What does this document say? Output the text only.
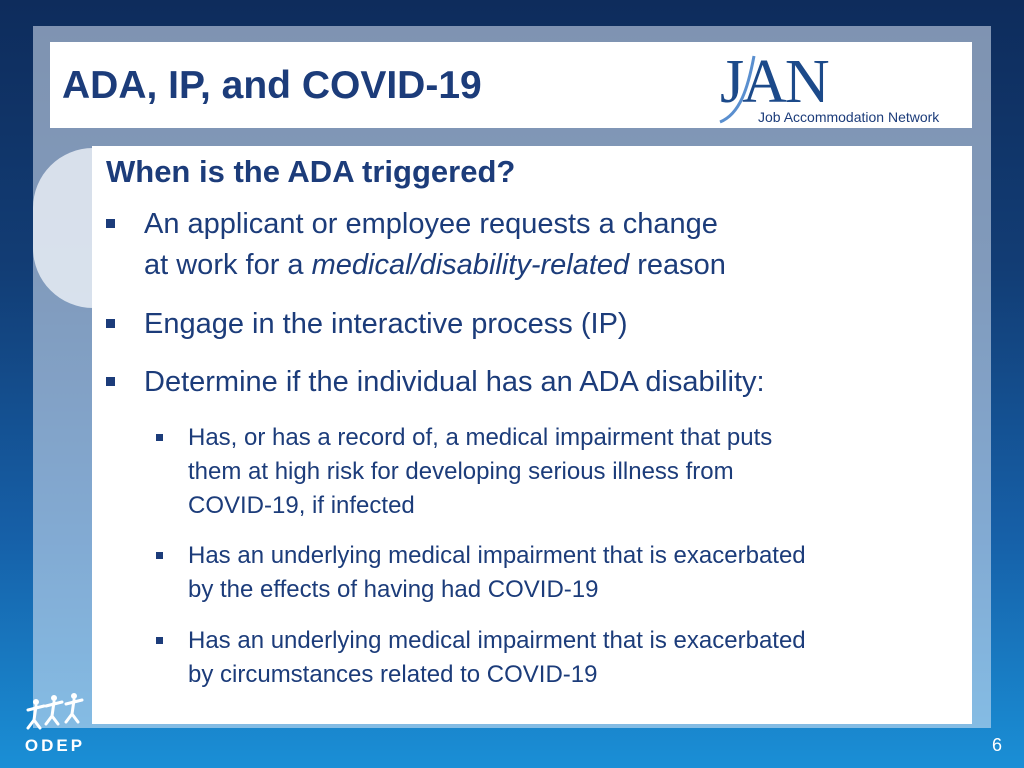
ADA, IP, and COVID-19	JAN
Job Accommodation Network
When is the ADA triggered?
An applicant or employee requests a change
at work for a medical/disability-related reason
Engage in the interactive process (IP)
Determine if the individual has an ADA disability:
Has, or has a record of, a medical impairment that puts
them at high risk for developing serious illness from
COVID-19, if infected
Has an underlying medical impairment that is exacerbated
by the effects of having had COVID-19
Has an underlying medical impairment that is exacerbated
by circumstances related to COVID-19
ODEP	6
